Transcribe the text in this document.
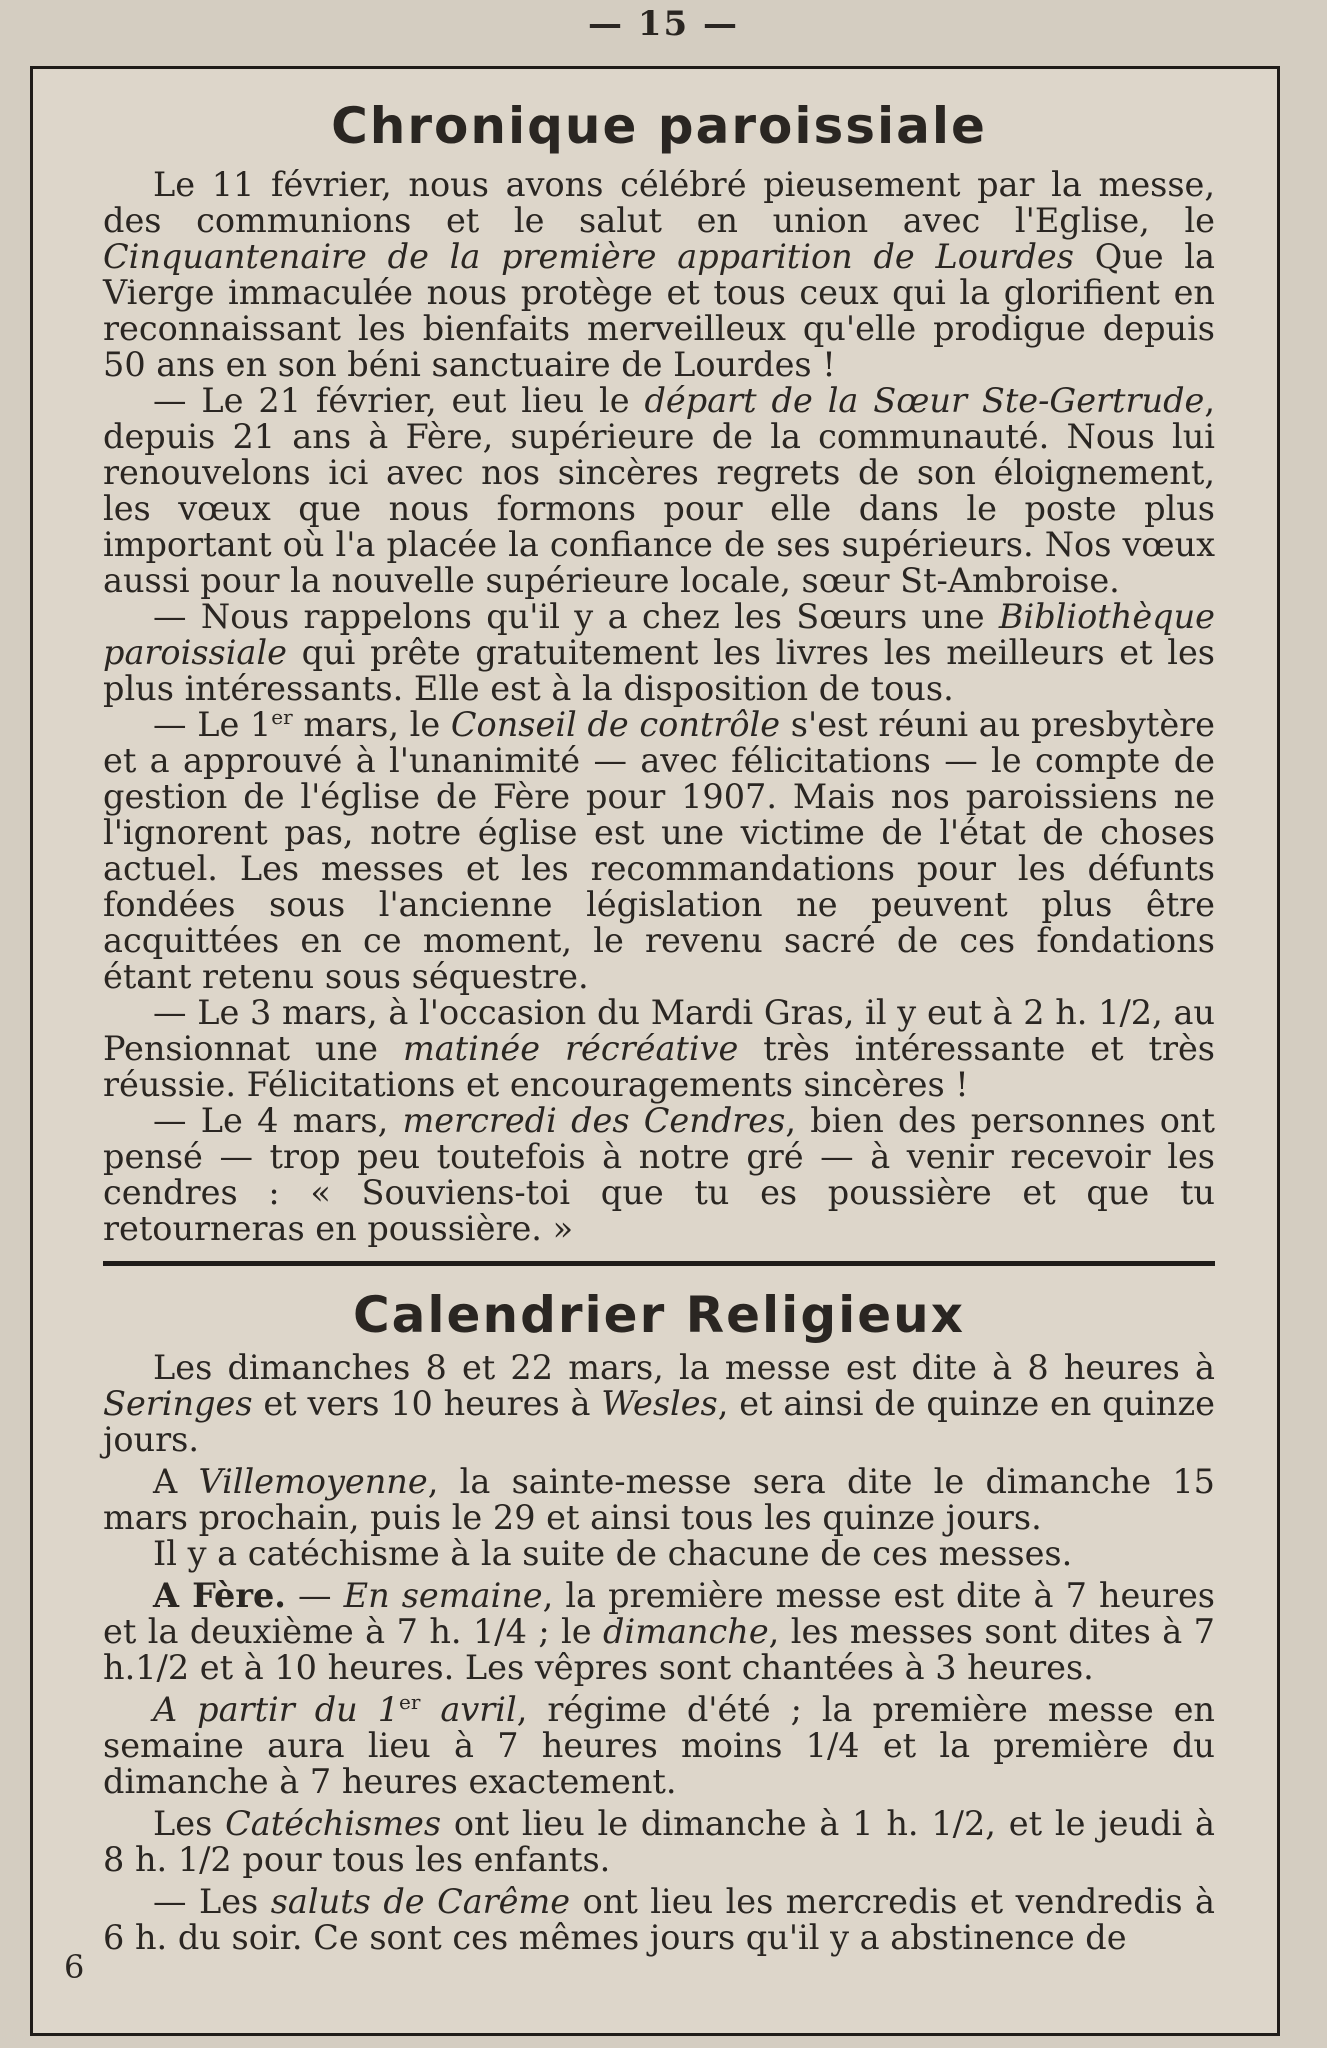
— 15 —
Chronique paroissiale

Le 11 février, nous avons célébré pieusement par la messe, des communions et le salut en union avec l'Eglise, le Cinquantenaire de la première apparition de Lourdes Que la Vierge immaculée nous protège et tous ceux qui la glorifient en reconnaissant les bienfaits merveilleux qu'elle prodigue depuis 50 ans en son béni sanctuaire de Lourdes !

— Le 21 février, eut lieu le départ de la Sœur Ste-Gertrude, depuis 21 ans à Fère, supérieure de la communauté. Nous lui renouvelons ici avec nos sincères regrets de son éloignement, les vœux que nous formons pour elle dans le poste plus important où l'a placée la confiance de ses supérieurs. Nos vœux aussi pour la nouvelle supérieure locale, sœur St-Ambroise.

— Nous rappelons qu'il y a chez les Sœurs une Bibliothèque paroissiale qui prête gratuitement les livres les meilleurs et les plus intéressants. Elle est à la disposition de tous.

— Le 1er mars, le Conseil de contrôle s'est réuni au presbytère et a approuvé à l'unanimité — avec félicitations — le compte de gestion de l'église de Fère pour 1907. Mais nos paroissiens ne l'ignorent pas, notre église est une victime de l'état de choses actuel. Les messes et les recommandations pour les défunts fondées sous l'ancienne législation ne peuvent plus être acquittées en ce moment, le revenu sacré de ces fondations étant retenu sous séquestre.

— Le 3 mars, à l'occasion du Mardi Gras, il y eut à 2 h. 1/2, au Pensionnat une matinée récréative très intéressante et très réussie. Félicitations et encouragements sincères !

— Le 4 mars, mercredi des Cendres, bien des personnes ont pensé — trop peu toutefois à notre gré — à venir recevoir les cendres : « Souviens-toi que tu es poussière et que tu retourneras en poussière. »

Calendrier Religieux

Les dimanches 8 et 22 mars, la messe est dite à 8 heures à Seringes et vers 10 heures à Wesles, et ainsi de quinze en quinze jours.

A Villemoyenne, la sainte-messe sera dite le dimanche 15 mars prochain, puis le 29 et ainsi tous les quinze jours.

Il y a catéchisme à la suite de chacune de ces messes.

A Fère. — En semaine, la première messe est dite à 7 heures et la deuxième à 7 h. 1/4 ; le dimanche, les messes sont dites à 7 h.1/2 et à 10 heures. Les vêpres sont chantées à 3 heures.

A partir du 1er avril, régime d'été ; la première messe en semaine aura lieu à 7 heures moins 1/4 et la première du dimanche à 7 heures exactement.

Les Catéchismes ont lieu le dimanche à 1 h. 1/2, et le jeudi à 8 h. 1/2 pour tous les enfants.

— Les saluts de Carême ont lieu les mercredis et vendredis à 6 h. du soir. Ce sont ces mêmes jours qu'il y a abstinence de

6
